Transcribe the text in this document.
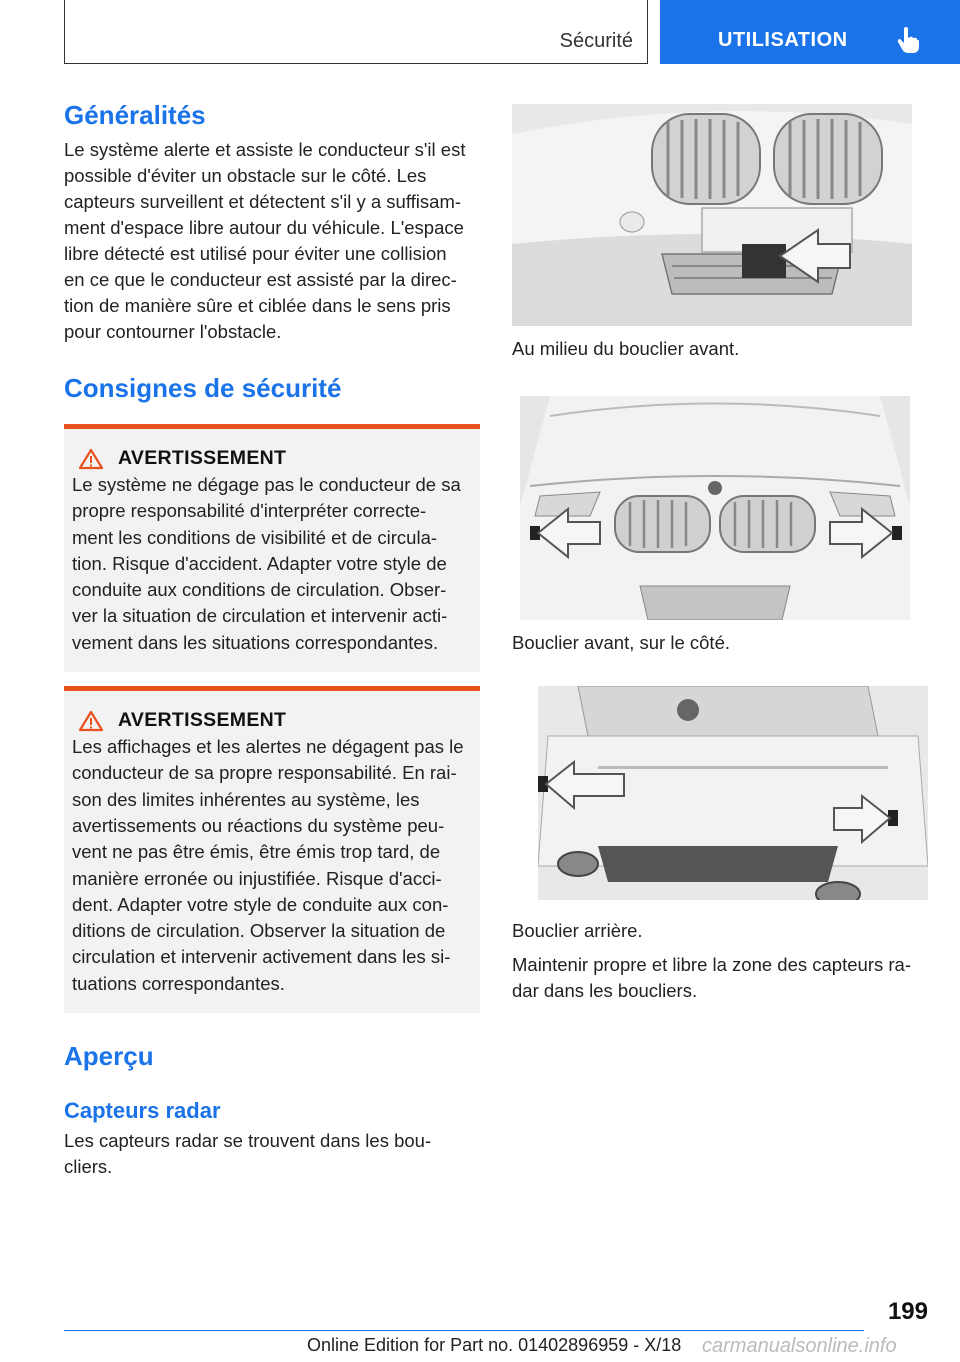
Sécurité	UTILISATION
Généralités

Le système alerte et assiste le conducteur s'il est
possible d'éviter un obstacle sur le côté. Les
capteurs surveillent et détectent s'il y a suffisam-
ment d'espace libre autour du véhicule. L'espace
libre détecté est utilisé pour éviter une collision
en ce que le conducteur est assisté par la direc-
tion de manière sûre et ciblée dans le sens pris
pour contourner l'obstacle.

Consignes de sécurité
AVERTISSEMENT

Le système ne dégage pas le conducteur de sa
propre responsabilité d'interpréter correcte-
ment les conditions de visibilité et de circula-
tion. Risque d'accident. Adapter votre style de
conduite aux conditions de circulation. Obser-
ver la situation de circulation et intervenir acti-
vement dans les situations correspondantes.

AVERTISSEMENT

Les affichages et les alertes ne dégagent pas le
conducteur de sa propre responsabilité. En rai-
son des limites inhérentes au système, les
avertissements ou réactions du système peu-
vent ne pas être émis, être émis trop tard, de
manière erronée ou injustifiée. Risque d'acci-
dent. Adapter votre style de conduite aux con-
ditions de circulation. Observer la situation de
circulation et intervenir activement dans les si-
tuations correspondantes.

Aperçu
Capteurs radar

Les capteurs radar se trouvent dans les bou-
cliers.

Au milieu du bouclier avant.

Bouclier avant, sur le côté.

Bouclier arrière.

Maintenir propre et libre la zone des capteurs ra-
dar dans les boucliers.

199
Online Edition for Part no. 01402896959 - X/18 carmanualsonline.info
